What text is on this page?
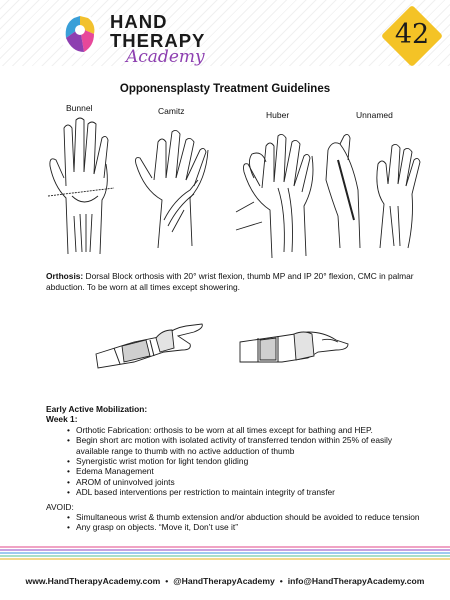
HAND
THERAPY
Academy
42
Opponensplasty Treatment Guidelines
Bunnel	Camitz	Huber	Unnamed
Orthosis: Dorsal Block orthosis with 20° wrist flexion, thumb MP and IP 20° flexion, CMC in palmar abduction. To be worn at all times except showering.
Early Active Mobilization:
Week 1:
• Orthotic Fabrication: orthosis to be worn at all times except for bathing and HEP.
• Begin short arc motion with isolated activity of transferred tendon within 25% of easily available range to thumb with no active adduction of thumb
• Synergistic wrist motion for light tendon gliding
• Edema Management
• AROM of uninvolved joints
• ADL based interventions per restriction to maintain integrity of transfer
AVOID:
• Simultaneous wrist & thumb extension and/or abduction should be avoided to reduce tension
• Any grasp on objects. “Move it, Don’t use it”
www.HandTherapyAcademy.com • @HandTherapyAcademy • info@HandTherapyAcademy.com
